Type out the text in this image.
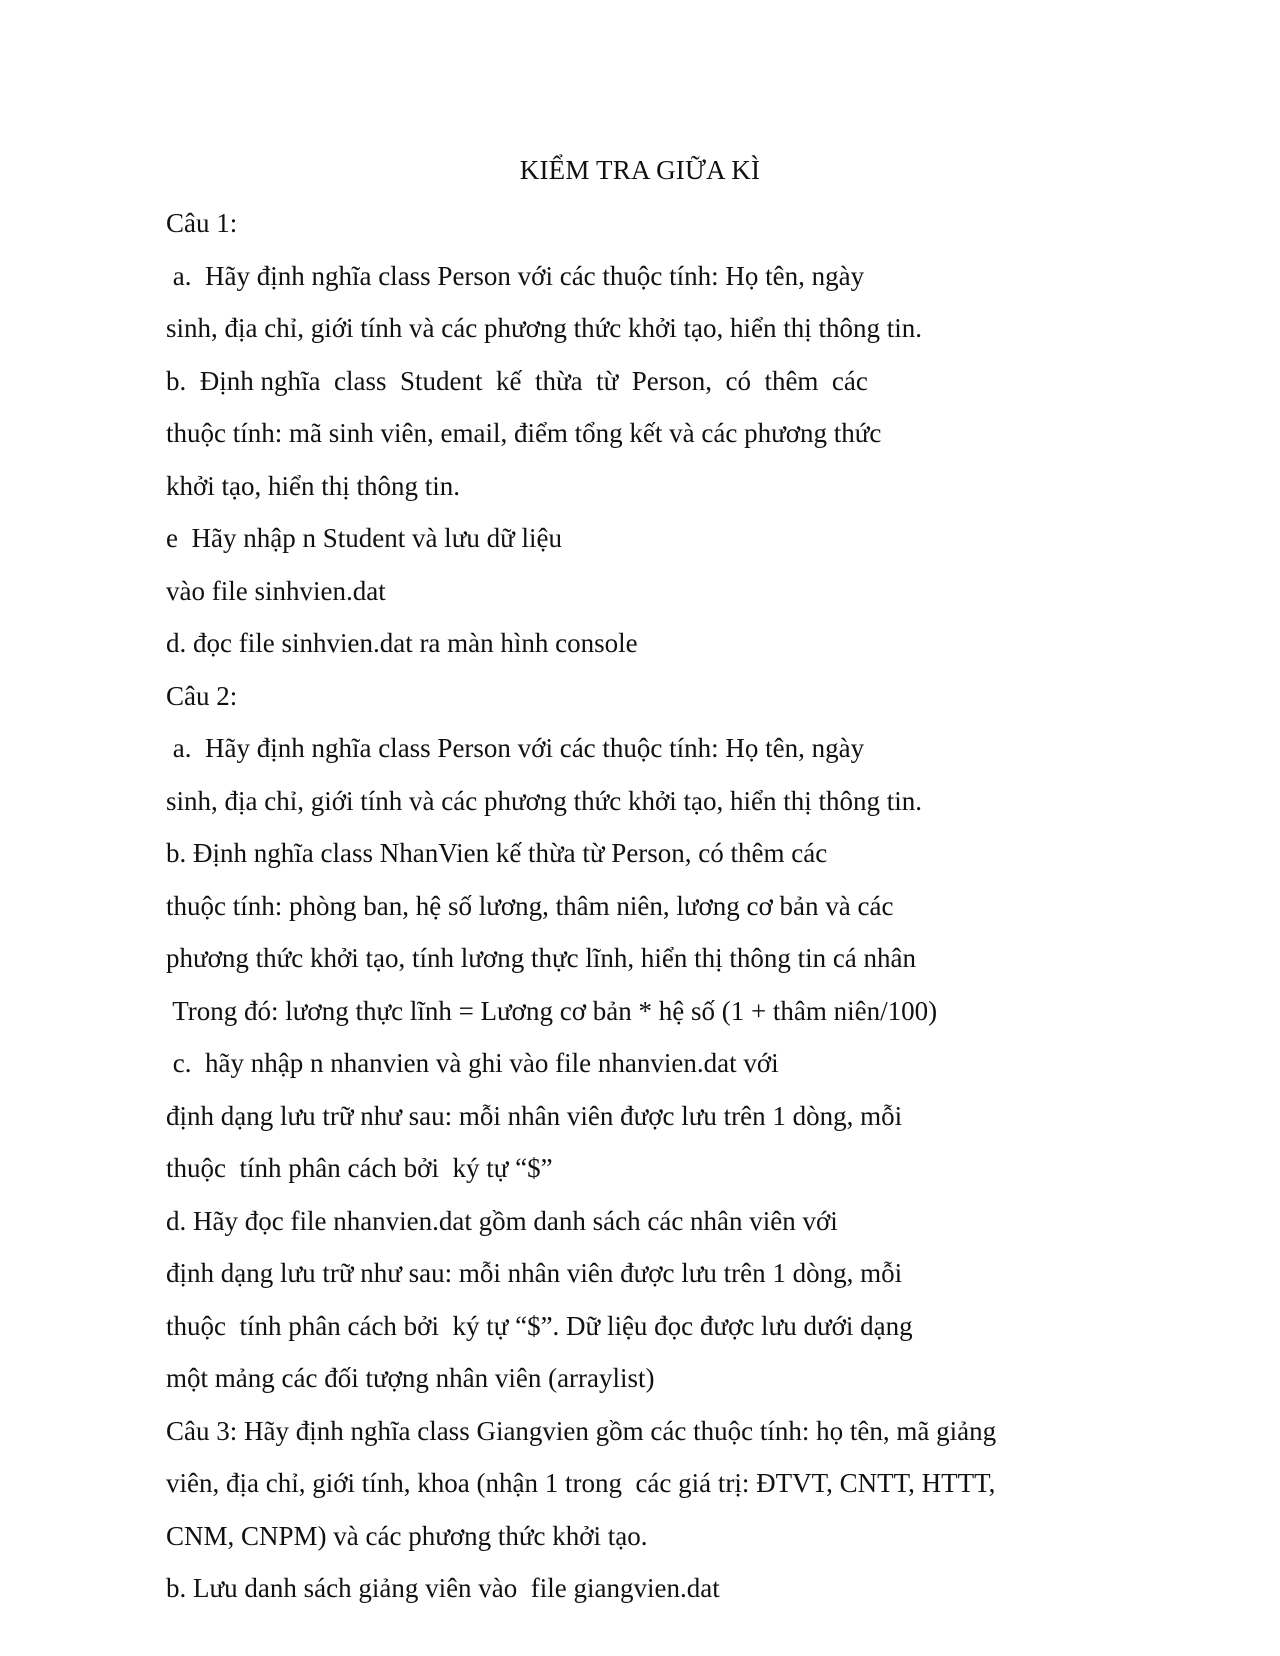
KIỂM TRA GIỮA KÌ
Câu 1:
a.  Hãy định nghĩa class Person với các thuộc tính: Họ tên, ngày
sinh, địa chỉ, giới tính và các phương thức khởi tạo, hiển thị thông tin.
b.  Định nghĩa  class  Student  kế  thừa  từ  Person,  có  thêm  các
thuộc tính: mã sinh viên, email, điểm tổng kết và các phương thức
khởi tạo, hiển thị thông tin.
e  Hãy nhập n Student và lưu dữ liệu
vào file sinhvien.dat
d. đọc file sinhvien.dat ra màn hình console
Câu 2:
a.  Hãy định nghĩa class Person với các thuộc tính: Họ tên, ngày
sinh, địa chỉ, giới tính và các phương thức khởi tạo, hiển thị thông tin.
b. Định nghĩa class NhanVien kế thừa từ Person, có thêm các
thuộc tính: phòng ban, hệ số lương, thâm niên, lương cơ bản và các
phương thức khởi tạo, tính lương thực lĩnh, hiển thị thông tin cá nhân
Trong đó: lương thực lĩnh = Lương cơ bản * hệ số (1 + thâm niên/100)
c.  hãy nhập n nhanvien và ghi vào file nhanvien.dat với
định dạng lưu trữ như sau: mỗi nhân viên được lưu trên 1 dòng, mỗi
thuộc  tính phân cách bởi  ký tự “$”
d. Hãy đọc file nhanvien.dat gồm danh sách các nhân viên với
định dạng lưu trữ như sau: mỗi nhân viên được lưu trên 1 dòng, mỗi
thuộc  tính phân cách bởi  ký tự “$”. Dữ liệu đọc được lưu dưới dạng
một mảng các đối tượng nhân viên (arraylist)
Câu 3: Hãy định nghĩa class Giangvien gồm các thuộc tính: họ tên, mã giảng
viên, địa chỉ, giới tính, khoa (nhận 1 trong  các giá trị: ĐTVT, CNTT, HTTT,
CNM, CNPM) và các phương thức khởi tạo.
b. Lưu danh sách giảng viên vào  file giangvien.dat
